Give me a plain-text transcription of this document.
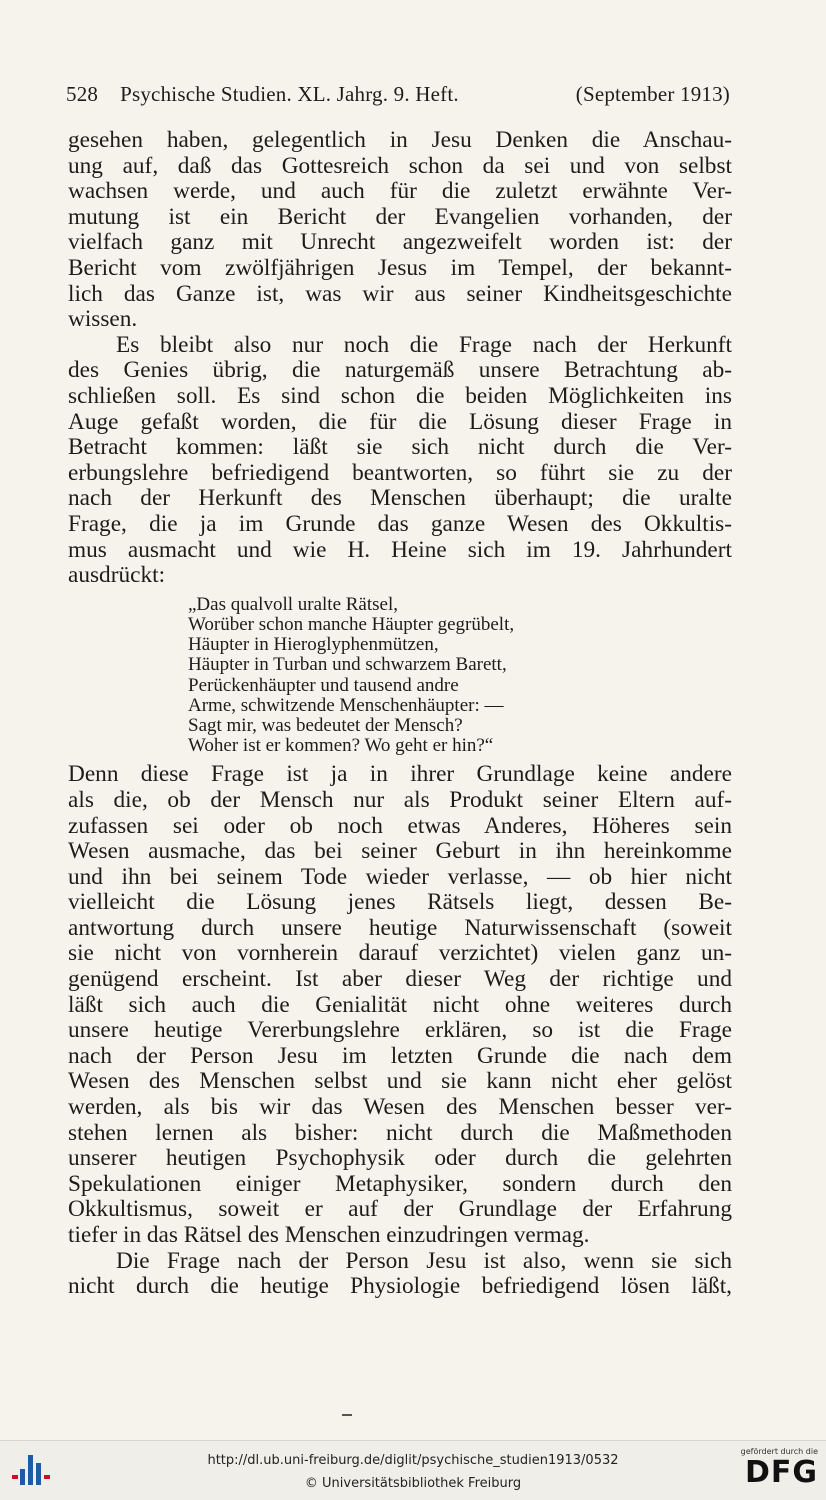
528 Psychische Studien. XL. Jahrg. 9. Heft.	(September 1913)
gesehen haben, gelegentlich in Jesu Denken die Anschau-
ung auf, daß das Gottesreich schon da sei und von selbst
wachsen werde, und auch für die zuletzt erwähnte Ver-
mutung ist ein Bericht der Evangelien vorhanden, der
vielfach ganz mit Unrecht angezweifelt worden ist: der
Bericht vom zwölfjährigen Jesus im Tempel, der bekannt-
lich das Ganze ist, was wir aus seiner Kindheitsgeschichte
wissen.
Es bleibt also nur noch die Frage nach der Herkunft
des Genies übrig, die naturgemäß unsere Betrachtung ab-
schließen soll. Es sind schon die beiden Möglichkeiten ins
Auge gefaßt worden, die für die Lösung dieser Frage in
Betracht kommen: läßt sie sich nicht durch die Ver-
erbungslehre befriedigend beantworten, so führt sie zu der
nach der Herkunft des Menschen überhaupt; die uralte
Frage, die ja im Grunde das ganze Wesen des Okkultis-
mus ausmacht und wie H. Heine sich im 19. Jahrhundert
ausdrückt:
„Das qualvoll uralte Rätsel,
Worüber schon manche Häupter gegrübelt,
Häupter in Hieroglyphenmützen,
Häupter in Turban und schwarzem Barett,
Perückenhäupter und tausend andre
Arme, schwitzende Menschenhäupter: —
Sagt mir, was bedeutet der Mensch?
Woher ist er kommen? Wo geht er hin?“
Denn diese Frage ist ja in ihrer Grundlage keine andere
als die, ob der Mensch nur als Produkt seiner Eltern auf-
zufassen sei oder ob noch etwas Anderes, Höheres sein
Wesen ausmache, das bei seiner Geburt in ihn hereinkomme
und ihn bei seinem Tode wieder verlasse, — ob hier nicht
vielleicht die Lösung jenes Rätsels liegt, dessen Be-
antwortung durch unsere heutige Naturwissenschaft (soweit
sie nicht von vornherein darauf verzichtet) vielen ganz un-
genügend erscheint. Ist aber dieser Weg der richtige und
läßt sich auch die Genialität nicht ohne weiteres durch
unsere heutige Vererbungslehre erklären, so ist die Frage
nach der Person Jesu im letzten Grunde die nach dem
Wesen des Menschen selbst und sie kann nicht eher gelöst
werden, als bis wir das Wesen des Menschen besser ver-
stehen lernen als bisher: nicht durch die Maßmethoden
unserer heutigen Psychophysik oder durch die gelehrten
Spekulationen einiger Metaphysiker, sondern durch den
Okkultismus, soweit er auf der Grundlage der Erfahrung
tiefer in das Rätsel des Menschen einzudringen vermag.
Die Frage nach der Person Jesu ist also, wenn sie sich
nicht durch die heutige Physiologie befriedigend lösen läßt,
http://dl.ub.uni-freiburg.de/diglit/psychische_studien1913/0532
© Universitätsbibliothek Freiburg
gefördert durch die
DFG
